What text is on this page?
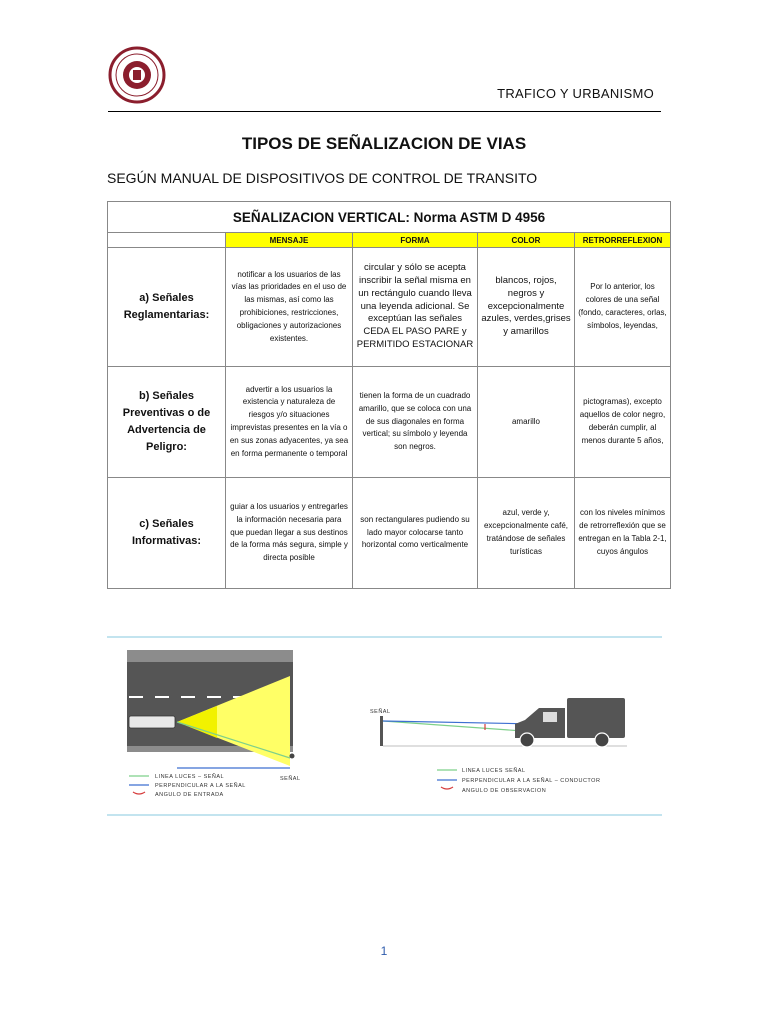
TRAFICO Y URBANISMO
TIPOS DE SEÑALIZACION DE VIAS
SEGÚN MANUAL DE DISPOSITIVOS DE CONTROL DE TRANSITO
SEÑALIZACION VERTICAL: Norma ASTM D 4956				
	MENSAJE	FORMA	COLOR	RETRORREFLEXION
a) Señales Reglamentarias:	notificar a los usuarios de las vías las prioridades en el uso de las mismas, así como las prohibiciones, restricciones, obligaciones y autorizaciones existentes.	circular y sólo se acepta inscribir la señal misma en un rectángulo cuando lleva una leyenda adicional. Se exceptúan las señales CEDA EL PASO PARE y PERMITIDO ESTACIONAR	blancos, rojos, negros y excepcionalmente azules, verdes,grises y amarillos	Por lo anterior, los colores de una señal (fondo, caracteres, orlas, símbolos, leyendas,
b) Señales Preventivas o de Advertencia de Peligro:	advertir a los usuarios la existencia y naturaleza de riesgos y/o situaciones imprevistas presentes en la vía o en sus zonas adyacentes, ya sea en forma permanente o temporal	tienen la forma de un cuadrado amarillo, que se coloca con una de sus diagonales en forma vertical; su símbolo y leyenda son negros.	amarillo	pictogramas), excepto aquellos de color negro, deberán cumplir, al menos durante 5 años,
c) Señales Informativas:	guiar a los usuarios y entregarles la información necesaria para que puedan llegar a sus destinos de la forma más segura, simple y directa posible	son rectangulares pudiendo su lado mayor colocarse tanto horizontal como verticalmente	azul, verde y, excepcionalmente café, tratándose de señales turísticas	con los niveles mínimos de retrorreflexión que se entregan en la Tabla 2-1, cuyos ángulos
SEÑAL
LINEA LUCES – SEÑAL
PERPENDICULAR A LA SEÑAL
ANGULO DE ENTRADA
SEÑAL
LINEA LUCES SEÑAL
PERPENDICULAR A LA SEÑAL – CONDUCTOR
ANGULO DE OBSERVACION
1
